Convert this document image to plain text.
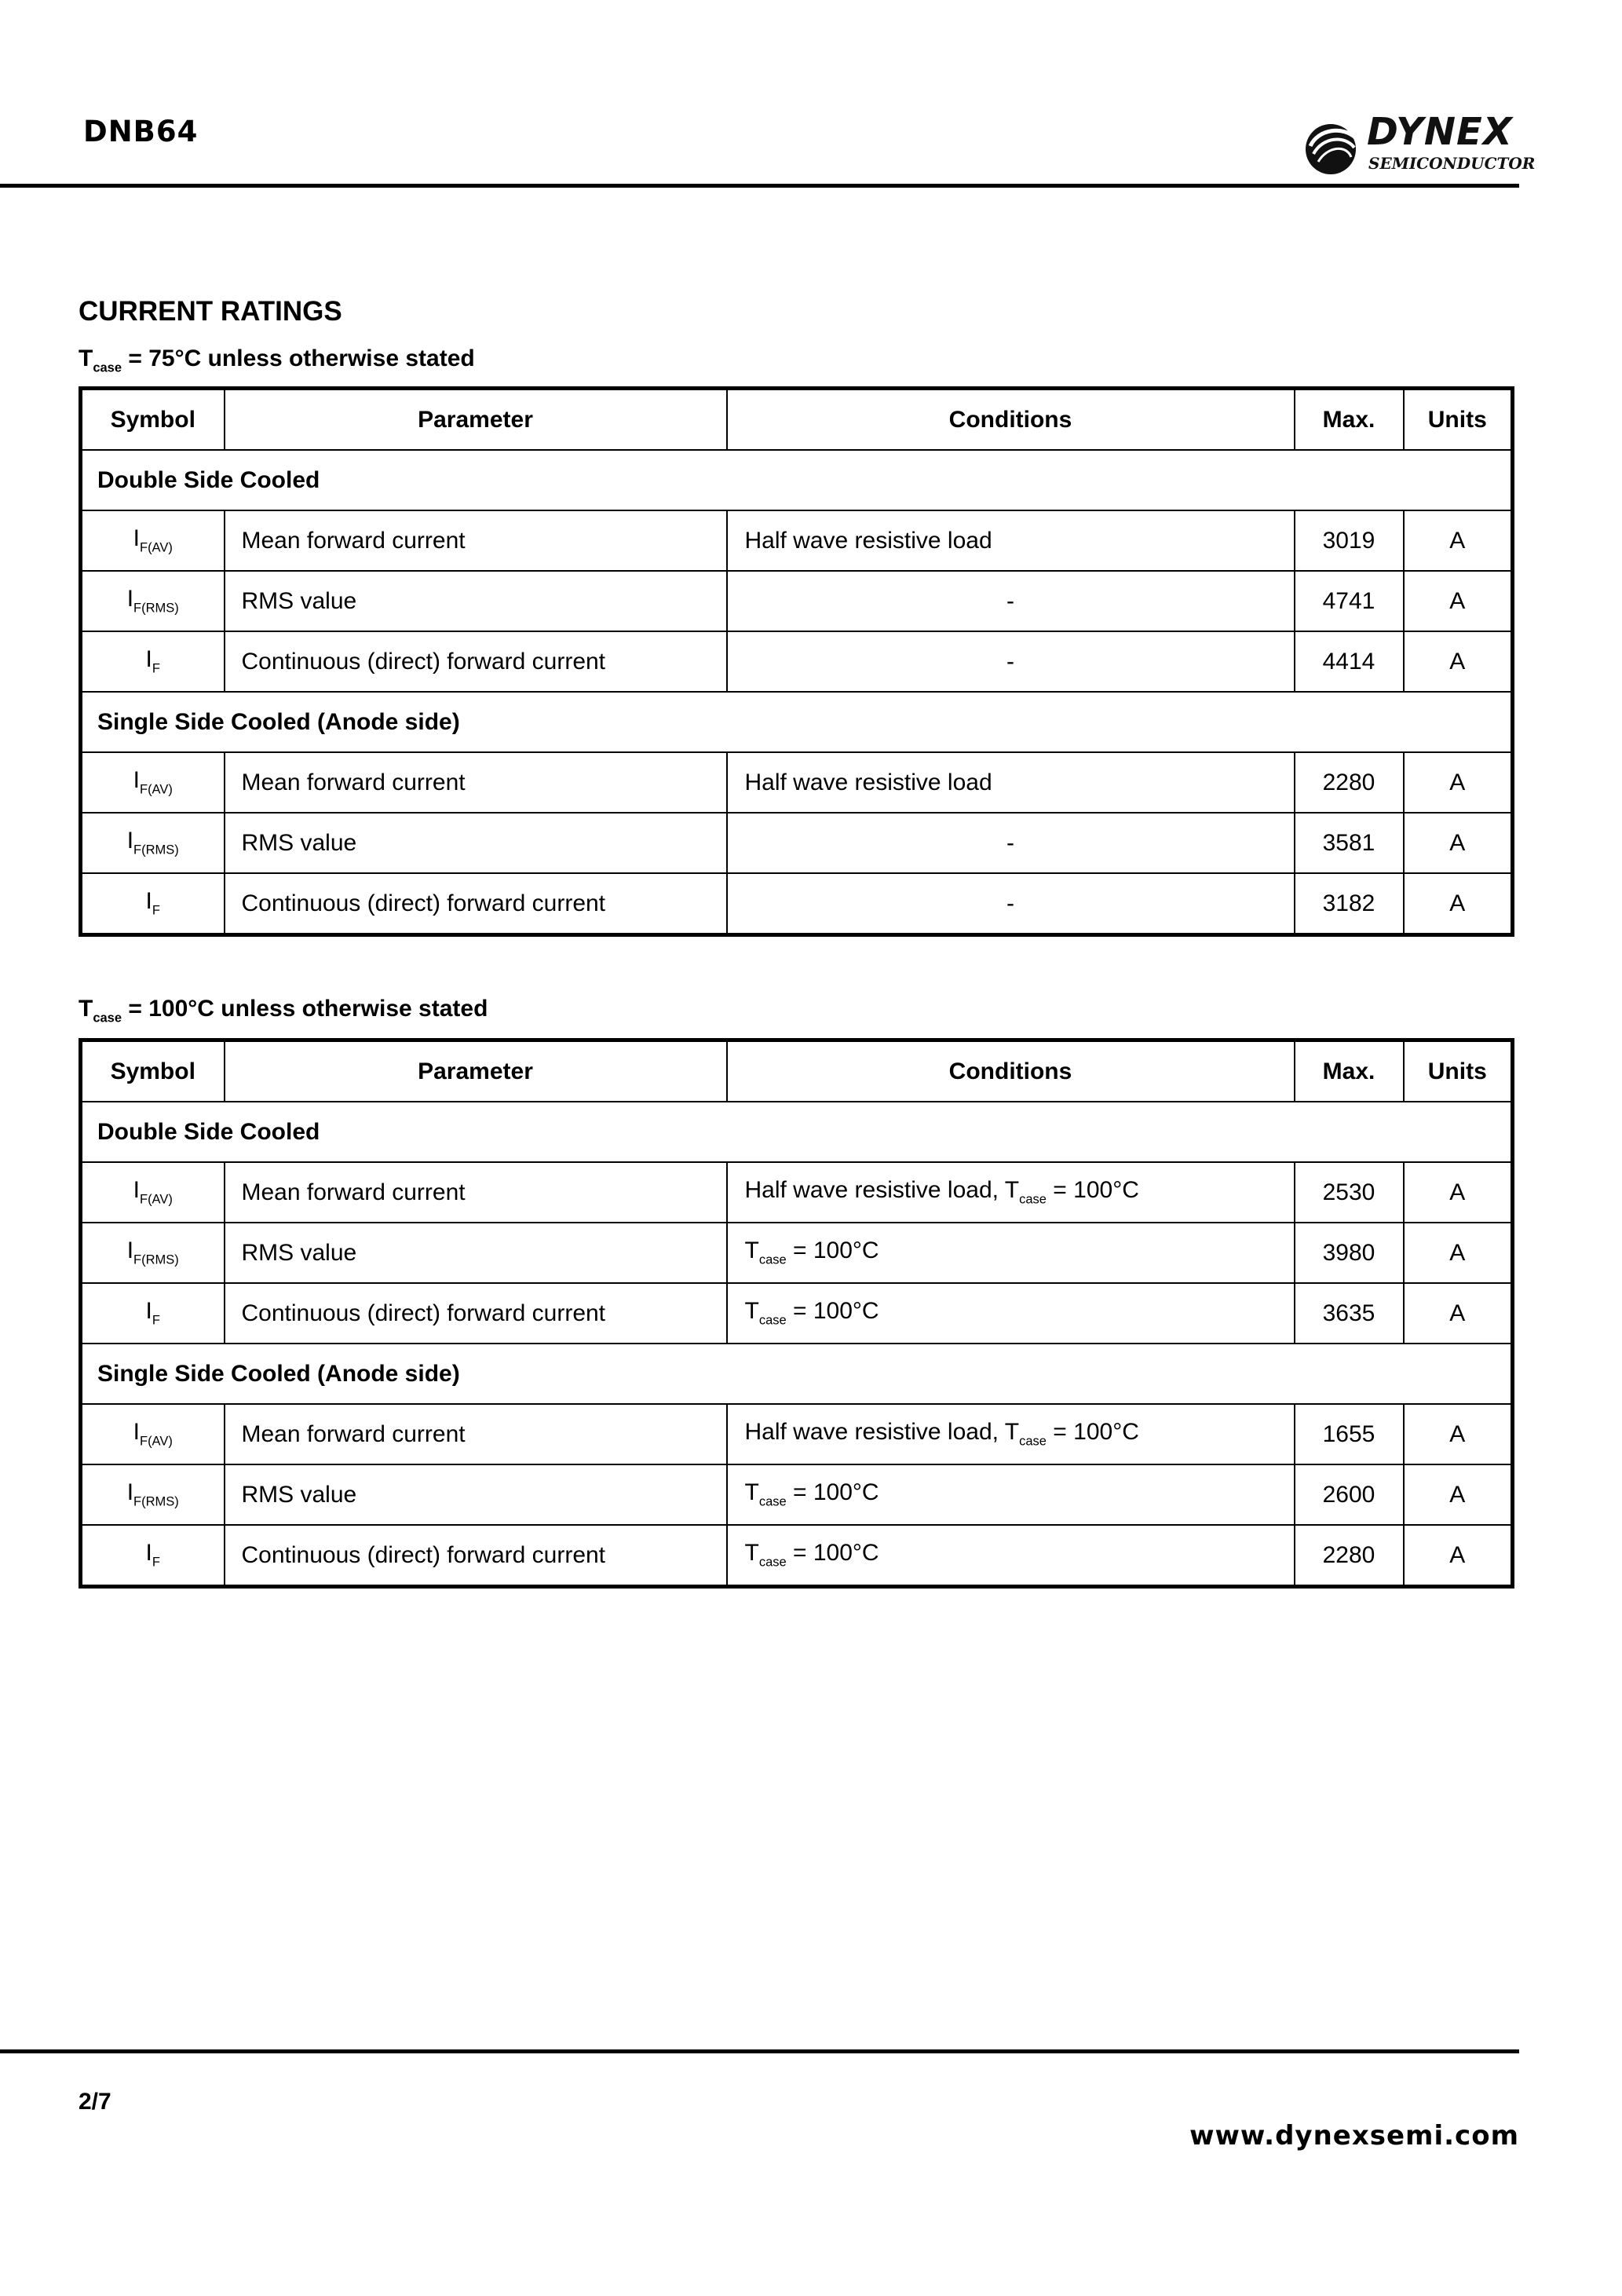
DNB64	DYNEX
SEMICONDUCTOR
CURRENT RATINGS
$T_{case} = 75^\circ C$ unless otherwise stated
Symbol	Parameter	Conditions	Max.	Units
Double Side Cooled				
$I_{F(AV)}$	Mean forward current	Half wave resistive load	3019	A
$I_{F(RMS)}$	RMS value	-	4741	A
$I_F$	Continuous (direct) forward current	-	4414	A
Single Side Cooled (Anode side)				
$I_{F(AV)}$	Mean forward current	Half wave resistive load	2280	A
$I_{F(RMS)}$	RMS value	-	3581	A
$I_F$	Continuous (direct) forward current	-	3182	A
$T_{case} = 100^\circ C$ unless otherwise stated
Symbol	Parameter	Conditions	Max.	Units
Double Side Cooled				
$I_{F(AV)}$	Mean forward current	Half wave resistive load, $T_{case} = 100^\circ C$	2530	A
$I_{F(RMS)}$	RMS value	$T_{case} = 100^\circ C$	3980	A
$I_F$	Continuous (direct) forward current	$T_{case} = 100^\circ C$	3635	A
Single Side Cooled (Anode side)				
$I_{F(AV)}$	Mean forward current	Half wave resistive load, $T_{case} = 100^\circ C$	1655	A
$I_{F(RMS)}$	RMS value	$T_{case} = 100^\circ C$	2600	A
$I_F$	Continuous (direct) forward current	$T_{case} = 100^\circ C$	2280	A
2/7
www.dynexsemi.com
